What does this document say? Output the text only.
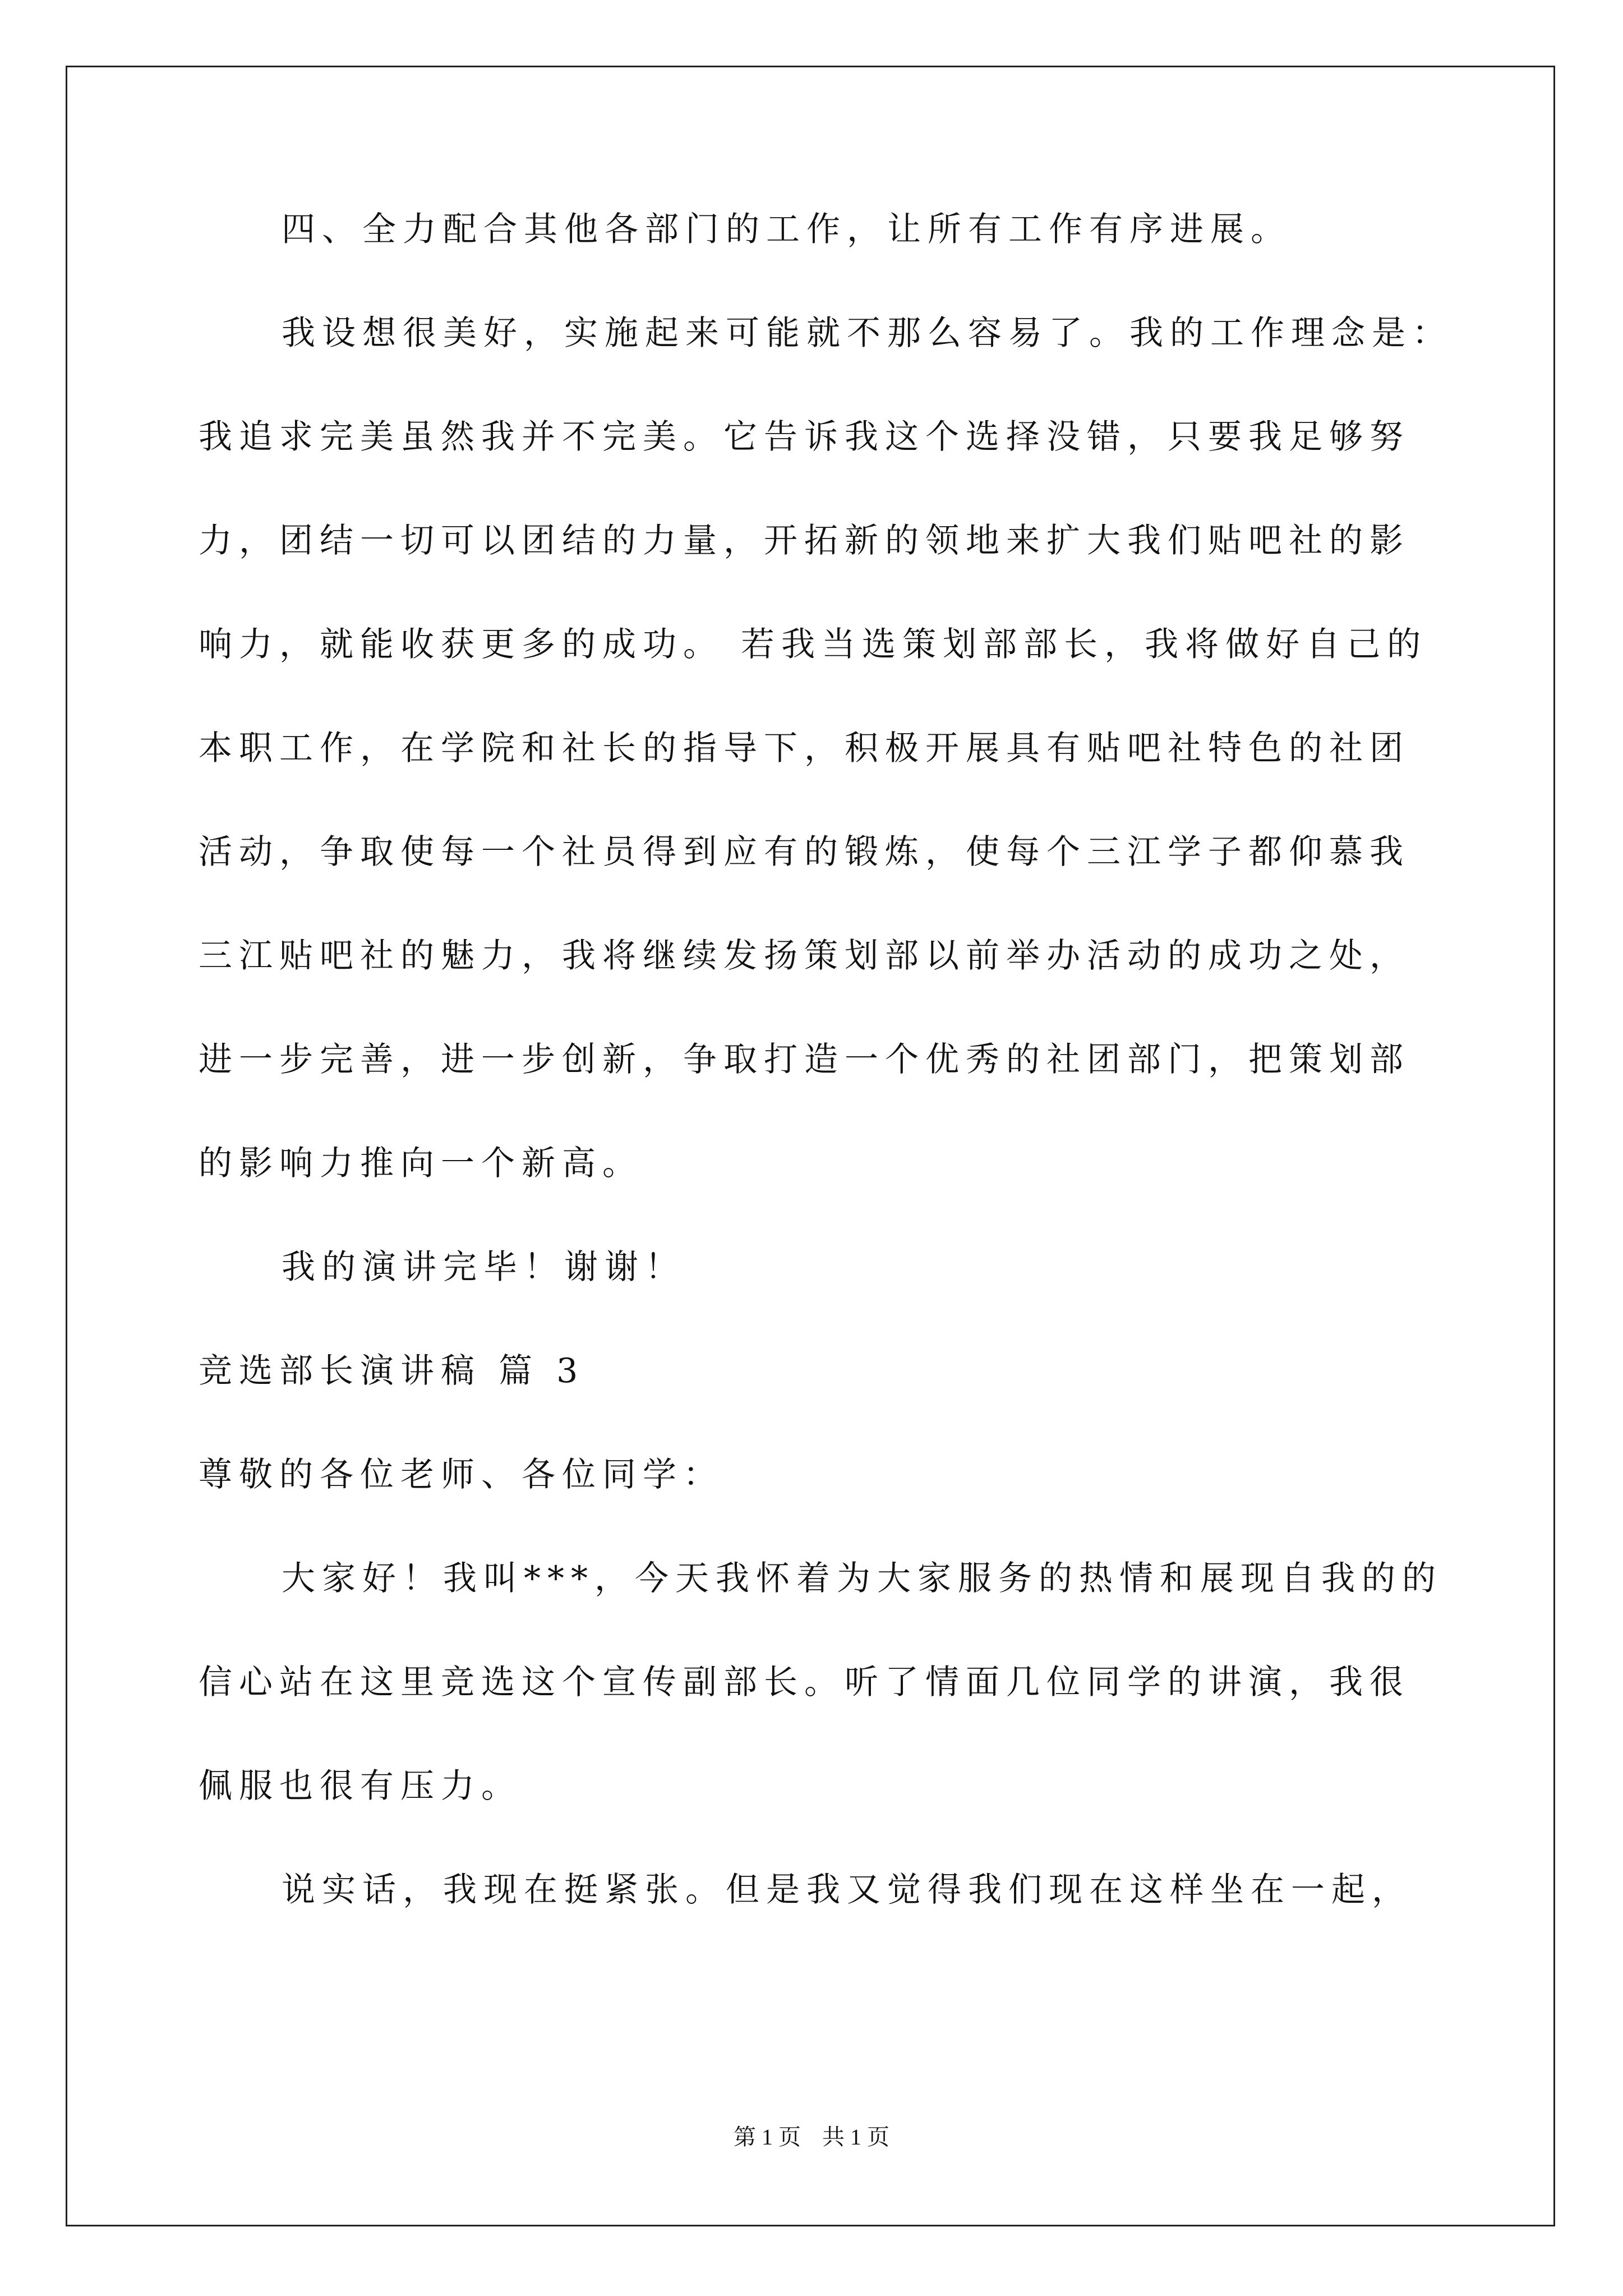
四、全力配合其他各部门的工作，让所有工作有序进展。
我设想很美好，实施起来可能就不那么容易了。我的工作理念是：
我追求完美虽然我并不完美。它告诉我这个选择没错，只要我足够努
力，团结一切可以团结的力量，开拓新的领地来扩大我们贴吧社的影
响力，就能收获更多的成功。 若我当选策划部部长，我将做好自己的
本职工作，在学院和社长的指导下，积极开展具有贴吧社特色的社团
活动，争取使每一个社员得到应有的锻炼，使每个三江学子都仰慕我
三江贴吧社的魅力，我将继续发扬策划部以前举办活动的成功之处，
进一步完善，进一步创新，争取打造一个优秀的社团部门，把策划部
的影响力推向一个新高。
我的演讲完毕！谢谢！
竞选部长演讲稿 篇 3
尊敬的各位老师、各位同学：
大家好！我叫***，今天我怀着为大家服务的热情和展现自我的的
信心站在这里竞选这个宣传副部长。听了情面几位同学的讲演，我很
佩服也很有压力。
说实话，我现在挺紧张。但是我又觉得我们现在这样坐在一起，
第 1 页 共 1 页
